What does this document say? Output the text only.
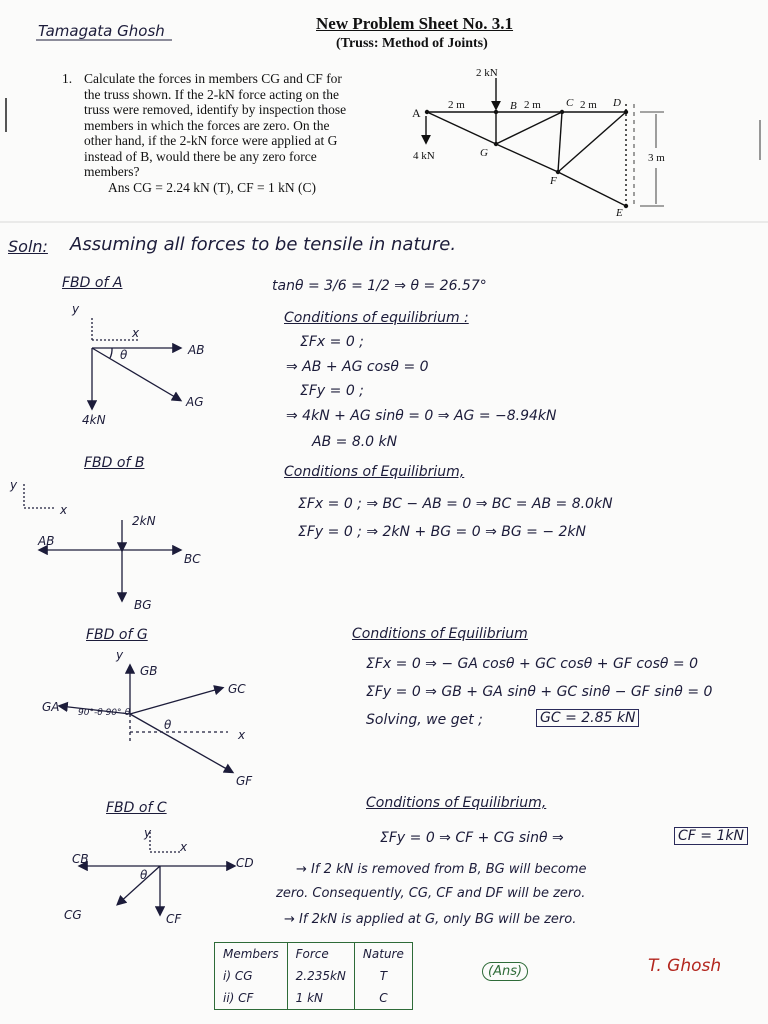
Tamagata Ghosh	New Problem Sheet No. 3.1
(Truss: Method of Joints)
1. Calculate the forces in members CG and CF for
the truss shown. If the 2-kN force acting on the
truss were removed, identify by inspection those
members in which the forces are zero. On the
other hand, if the 2-kN force were applied at G
instead of B, would there be any zero force
members?
Ans CG = 2.24 kN (T), CF = 1 kN (C)
2 kN
2 m	2 m	2 m
A	B	C	D
G
F
E
4 kN	3 m
Soln: Assuming all forces to be tensile in nature.
FBD of A
y
x
AB
θ
AG
4kN
tanθ = 3/6 = 1/2 ⇒ θ = 26.57°
Conditions of equilibrium :
ΣFx = 0 ;
⇒ AB + AG cosθ = 0
ΣFy = 0 ;
⇒ 4kN + AG sinθ = 0 ⇒ AG = −8.94kN
AB = 8.0 kN
FBD of B
y
x
2kN
AB
BC
BG
Conditions of Equilibrium,
ΣFx = 0 ; ⇒ BC − AB = 0 ⇒ BC = AB = 8.0kN
ΣFy = 0 ; ⇒ 2kN + BG = 0 ⇒ BG = − 2kN
FBD of G
y
GB
GC
GA 90°-θ 90°-θ
θ
x
GF
Conditions of Equilibrium
ΣFx = 0 ⇒ − GA cosθ + GC cosθ + GF cosθ = 0
ΣFy = 0 ⇒ GB + GA sinθ + GC sinθ − GF sinθ = 0
Solving, we get ;	GC = 2.85 kN
FBD of C
y
x
CB	CD
θ
CG	CF
Conditions of Equilibrium,
ΣFy = 0 ⇒ CF + CG sinθ ⇒	CF = 1kN
→ If 2 kN is removed from B, BG will become
zero. Consequently, CG, CF and DF will be zero.
→ If 2kN is applied at G, only BG will be zero.
Members	Force	Nature
i) CG	2.235kN	T
ii) CF	1 kN	C
(Ans)	T. Ghosh
